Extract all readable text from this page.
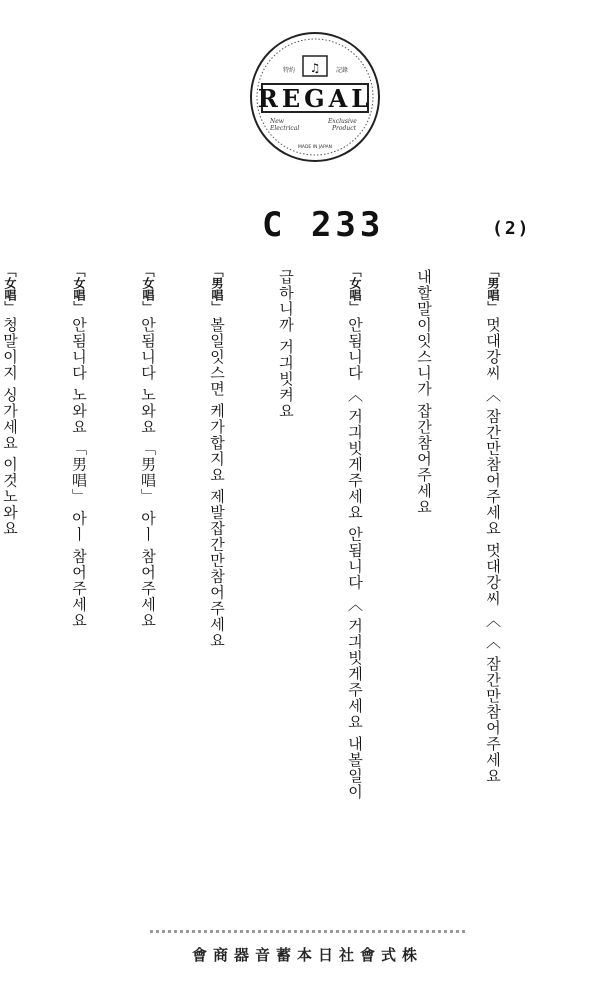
REGAL
♫
特約	記錄
New
Electrical
Exclusive
Product
MADE IN JAPAN
C 233	(2)

「男唱」멋대강씨 〈 잠간만참어주세요 멋대강씨 〈 〈 잠간만참어주세요

내할말이잇스니가 잡간참어주세요

「女唱」안됨니다 〈 거긔빗게주세요 안됨니다 〈 거긔빗게주세요 내볼일이

급하니까 거긔빗켜요

「男唱」볼일잇스면 케가합지요 제발잡간만참어주세요

「女唱」안됨니다 노와요 「男唱」 아ㅣ 참어주세요

「女唱」안됨니다 노와요 「男唱」 아ㅣ 참어주세요

「女唱」청말이지 싱가세요 이것노와요

會商器音蓄本日社會式株
